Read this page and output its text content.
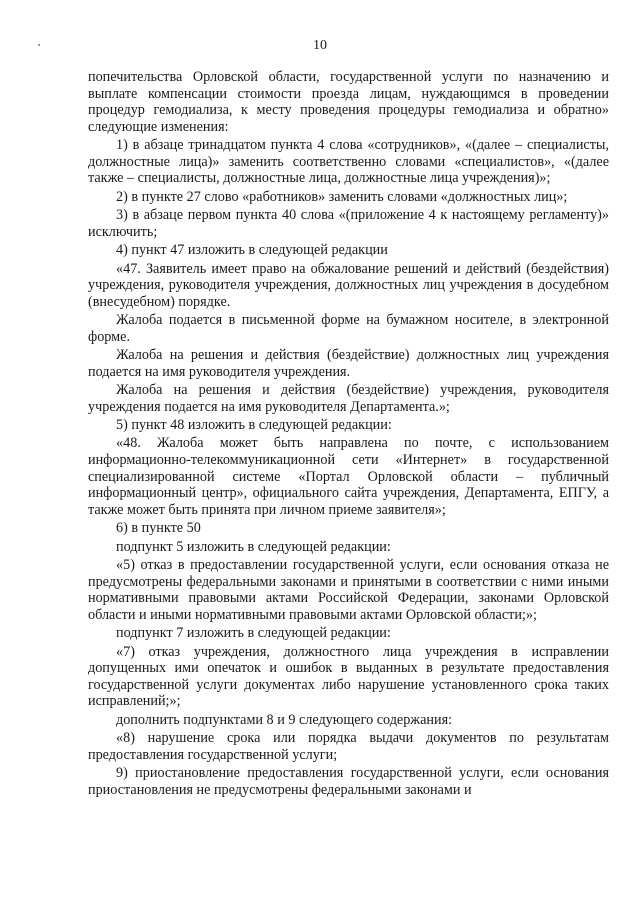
10

попечительства Орловской области, государственной услуги по назначению и выплате компенсации стоимости проезда лицам, нуждающимся в проведении процедур гемодиализа, к месту проведения процедуры гемодиализа и обратно» следующие изменения:

1) в абзаце тринадцатом пункта 4 слова «сотрудников», «(далее – специалисты, должностные лица)» заменить соответственно словами «специалистов», «(далее также – специалисты, должностные лица, должностные лица учреждения)»;

2) в пункте 27 слово «работников» заменить словами «должностных лиц»;

3) в абзаце первом пункта 40 слова «(приложение 4 к настоящему регламенту)» исключить;

4) пункт 47 изложить в следующей редакции

«47. Заявитель имеет право на обжалование решений и действий (бездействия) учреждения, руководителя учреждения, должностных лиц учреждения в досудебном (внесудебном) порядке.

Жалоба подается в письменной форме на бумажном носителе, в электронной форме.

Жалоба на решения и действия (бездействие) должностных лиц учреждения подается на имя руководителя учреждения.

Жалоба на решения и действия (бездействие) учреждения, руководителя учреждения подается на имя руководителя Департамента.»;

5) пункт 48 изложить в следующей редакции:

«48. Жалоба может быть направлена по почте, с использованием информационно-телекоммуникационной сети «Интернет» в государственной специализированной системе «Портал Орловской области – публичный информационный центр», официального сайта учреждения, Департамента, ЕПГУ, а также может быть принята при личном приеме заявителя»;

6) в пункте 50

подпункт 5 изложить в следующей редакции:

«5) отказ в предоставлении государственной услуги, если основания отказа не предусмотрены федеральными законами и принятыми в соответствии с ними иными нормативными правовыми актами Российской Федерации, законами Орловской области и иными нормативными правовыми актами Орловской области;»;

подпункт 7 изложить в следующей редакции:

«7) отказ учреждения, должностного лица учреждения в исправлении допущенных ими опечаток и ошибок в выданных в результате предоставления государственной услуги документах либо нарушение установленного срока таких исправлений;»;

дополнить подпунктами 8 и 9 следующего содержания:

«8) нарушение срока или порядка выдачи документов по результатам предоставления государственной услуги;

9) приостановление предоставления государственной услуги, если основания приостановления не предусмотрены федеральными законами и
